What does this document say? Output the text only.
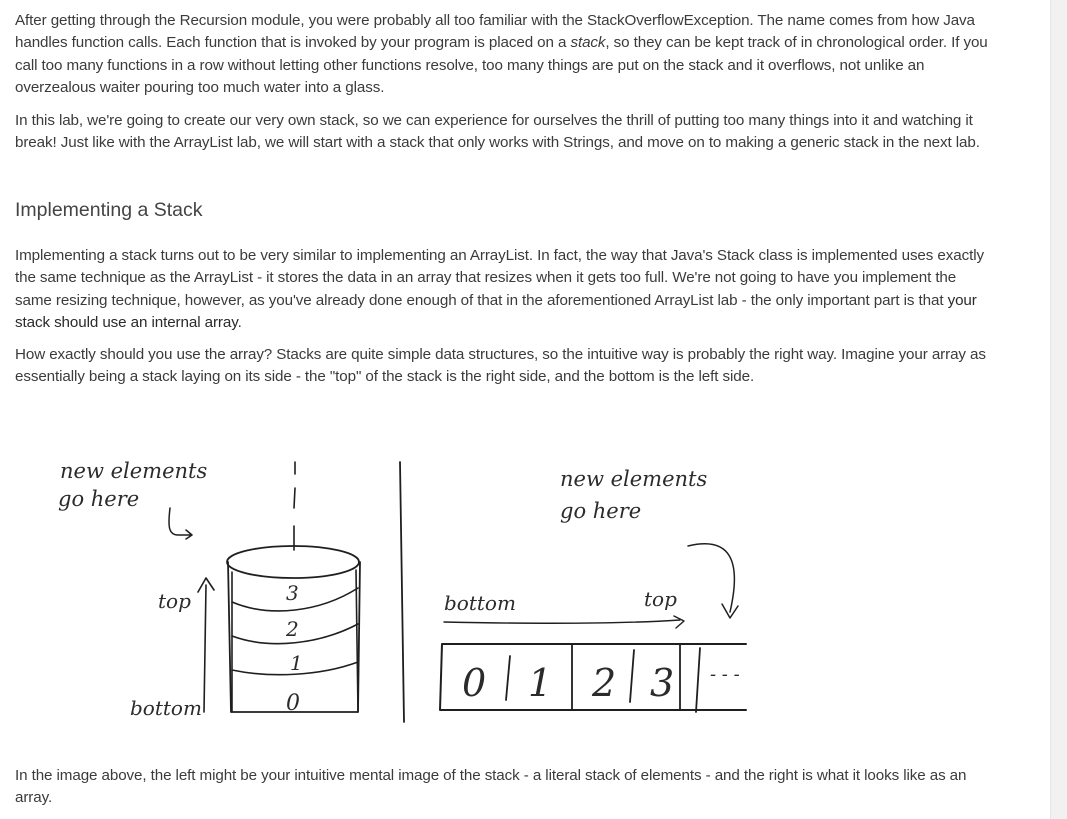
After getting through the Recursion module, you were probably all too familiar with the StackOverflowException. The name comes from how Java handles function calls. Each function that is invoked by your program is placed on a stack, so they can be kept track of in chronological order. If you call too many functions in a row without letting other functions resolve, too many things are put on the stack and it overflows, not unlike an overzealous waiter pouring too much water into a glass.

In this lab, we're going to create our very own stack, so we can experience for ourselves the thrill of putting too many things into it and watching it break! Just like with the ArrayList lab, we will start with a stack that only works with Strings, and move on to making a generic stack in the next lab.

Implementing a Stack

Implementing a stack turns out to be very similar to implementing an ArrayList. In fact, the way that Java's Stack class is implemented uses exactly the same technique as the ArrayList - it stores the data in an array that resizes when it gets too full. We're not going to have you implement the same resizing technique, however, as you've already done enough of that in the aforementioned ArrayList lab - the only important part is that your stack should use an internal array.

How exactly should you use the array? Stacks are quite simple data structures, so the intuitive way is probably the right way. Imagine your array as essentially being a stack laying on its side - the "top" of the stack is the right side, and the bottom is the left side.

In the image above, the left might be your intuitive mental image of the stack - a literal stack of elements - and the right is what it looks like as an array.

new elements
go here
3
2
1
0
top
bottom
new elements
go here
bottom	top
0 1 2 3 - - -
